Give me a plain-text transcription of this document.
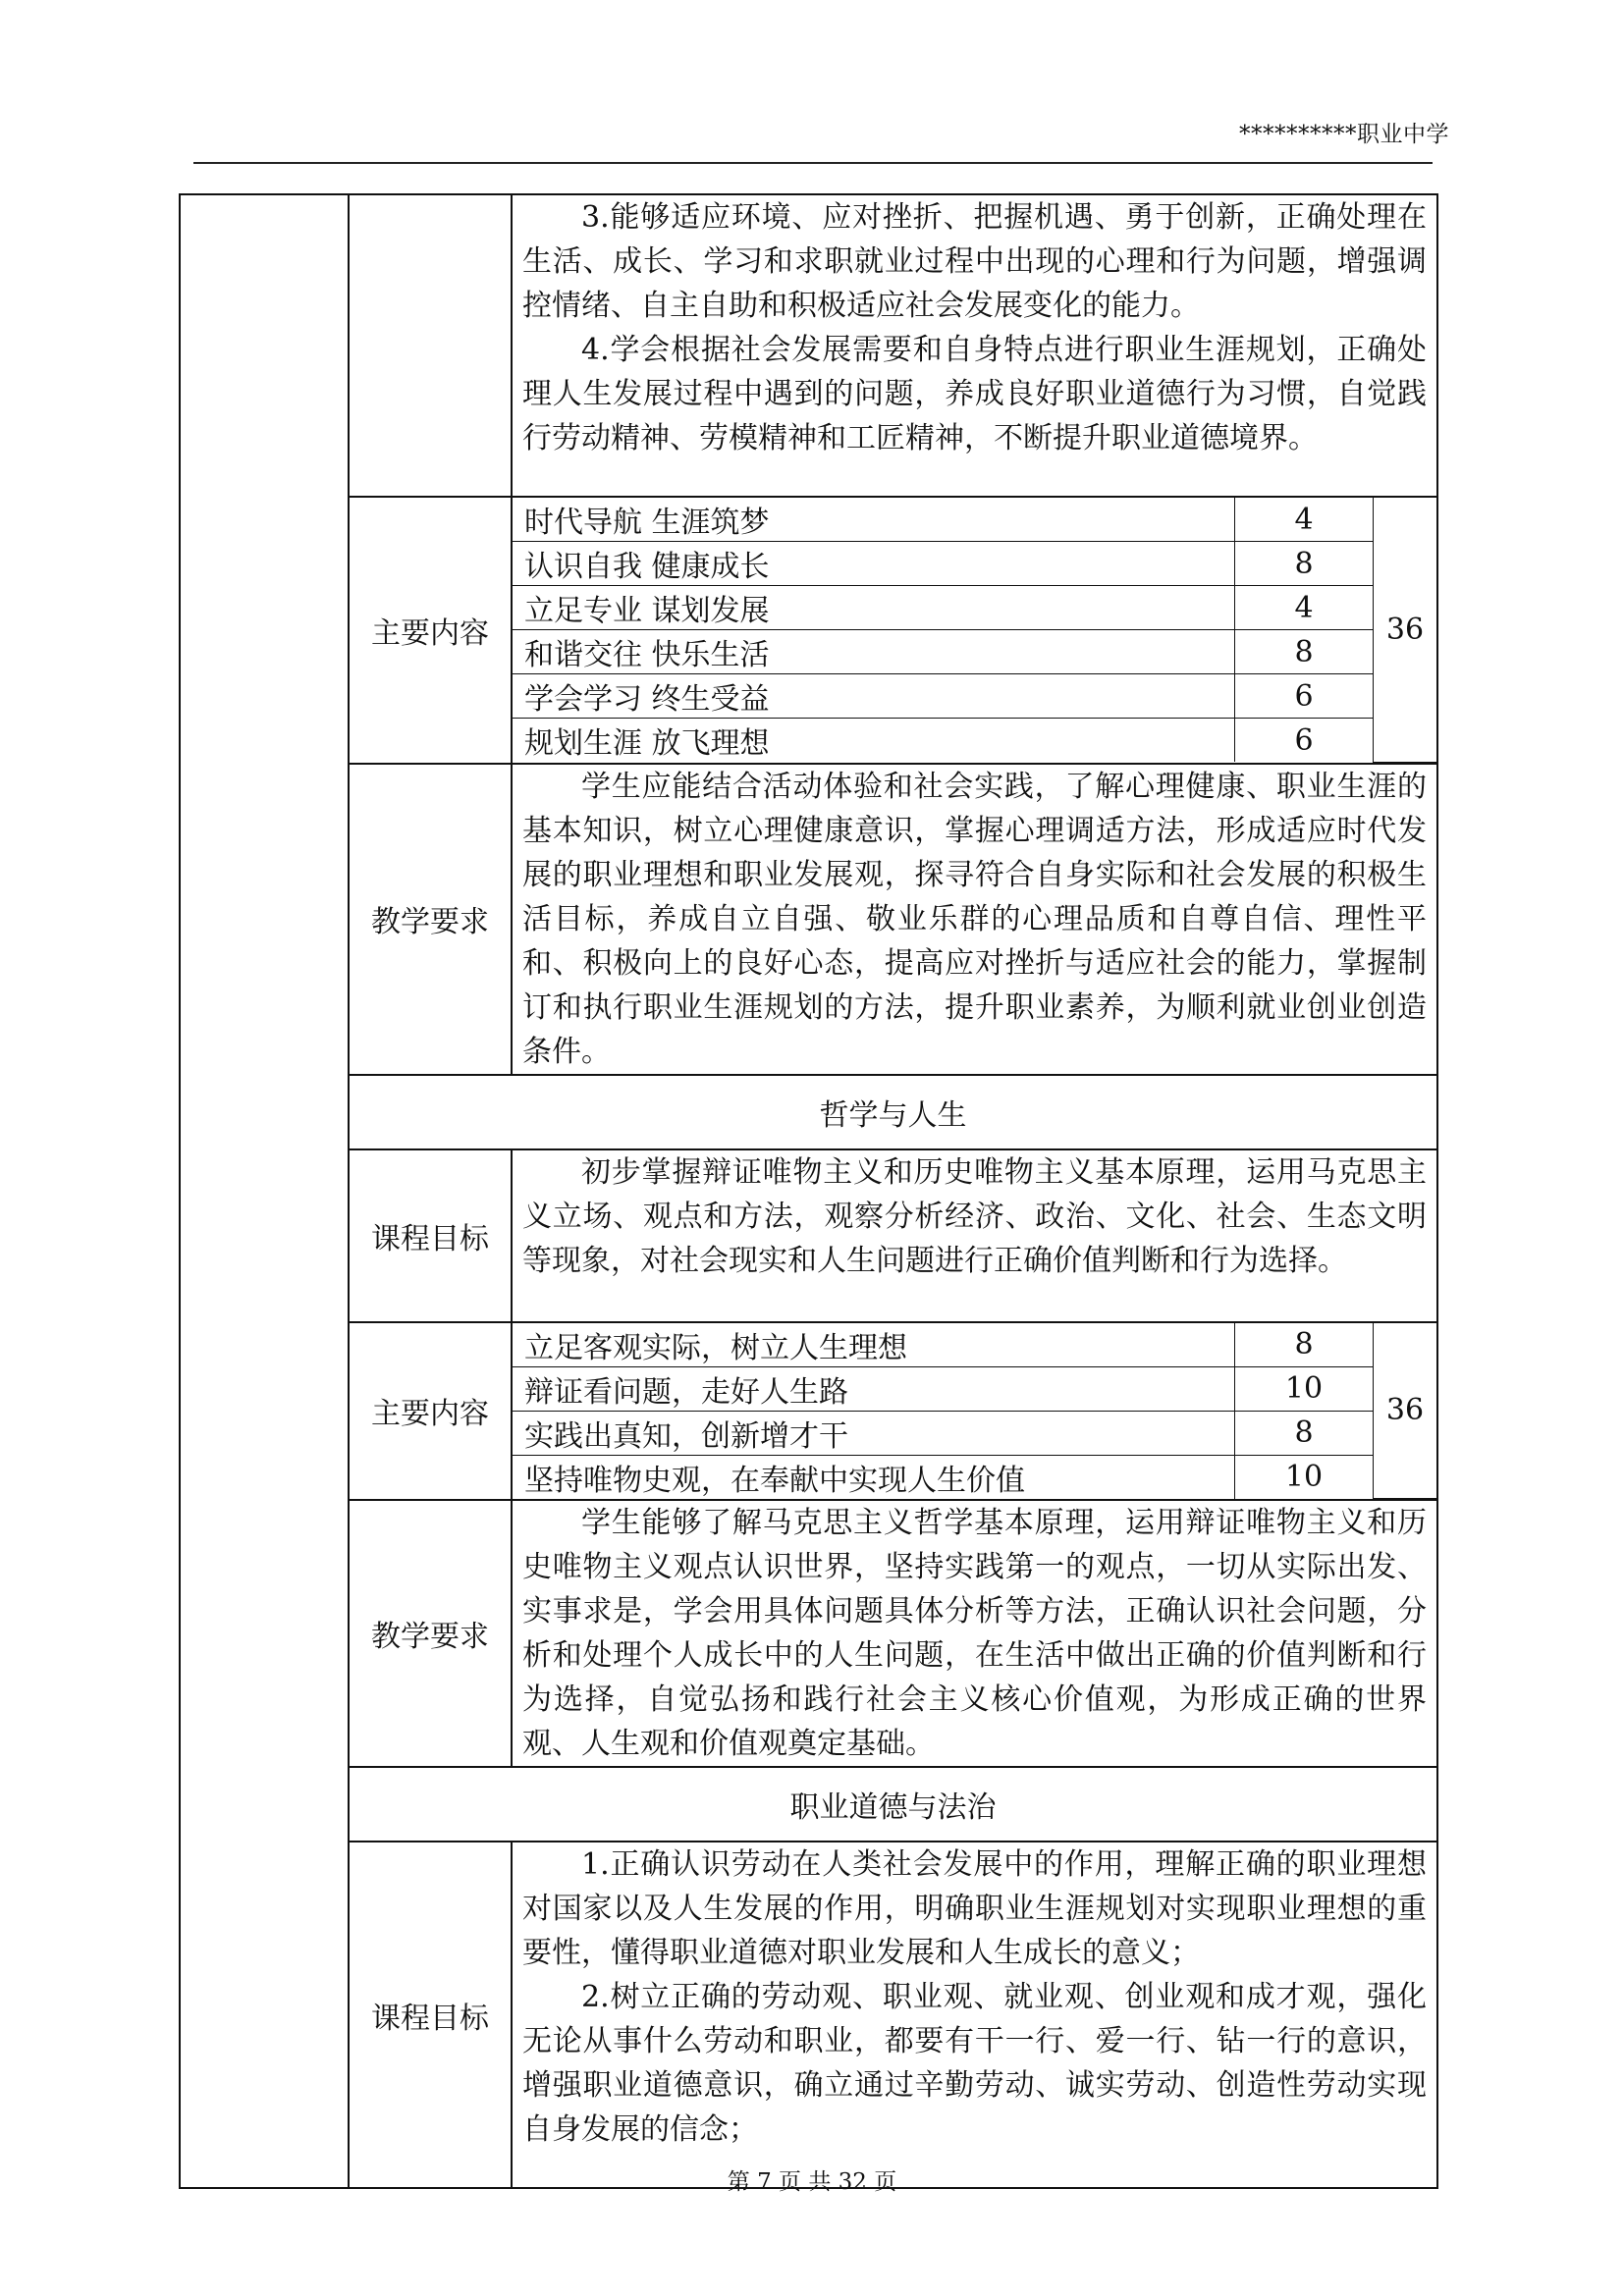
**********职业中学

3.能够适应环境、应对挫折、把握机遇、勇于创新，正确处理在生活、成长、学习和求职就业过程中出现的心理和行为问题，增强调控情绪、自主自助和积极适应社会发展变化的能力。

4.学会根据社会发展需要和自身特点进行职业生涯规划，正确处理人生发展过程中遇到的问题，养成良好职业道德行为习惯，自觉践行劳动精神、劳模精神和工匠精神，不断提升职业道德境界。

主要内容	
时代导航 生涯筑梦	4	36
认识自我 健康成长	8
立足专业 谋划发展	4
和谐交往 快乐生活	8
学会学习 终生受益	6
规划生涯 放飞理想	6

教学要求	

学生应能结合活动体验和社会实践，了解心理健康、职业生涯的基本知识，树立心理健康意识，掌握心理调适方法，形成适应时代发展的职业理想和职业发展观，探寻符合自身实际和社会发展的积极生活目标，养成自立自强、敬业乐群的心理品质和自尊自信、理性平和、积极向上的良好心态，提高应对挫折与适应社会的能力，掌握制订和执行职业生涯规划的方法，提升职业素养，为顺利就业创业创造条件。

哲学与人生
课程目标	

初步掌握辩证唯物主义和历史唯物主义基本原理，运用马克思主义立场、观点和方法，观察分析经济、政治、文化、社会、生态文明等现象，对社会现实和人生问题进行正确价值判断和行为选择。

主要内容	
立足客观实际，树立人生理想	8	36
辩证看问题，走好人生路	10
实践出真知，创新增才干	8
坚持唯物史观，在奉献中实现人生价值	10

教学要求	

学生能够了解马克思主义哲学基本原理，运用辩证唯物主义和历史唯物主义观点认识世界，坚持实践第一的观点，一切从实际出发、实事求是，学会用具体问题具体分析等方法，正确认识社会问题，分析和处理个人成长中的人生问题，在生活中做出正确的价值判断和行为选择，自觉弘扬和践行社会主义核心价值观，为形成正确的世界观、人生观和价值观奠定基础。

职业道德与法治
课程目标	

1.正确认识劳动在人类社会发展中的作用，理解正确的职业理想对国家以及人生发展的作用，明确职业生涯规划对实现职业理想的重要性，懂得职业道德对职业发展和人生成长的意义；

2.树立正确的劳动观、职业观、就业观、创业观和成才观，强化无论从事什么劳动和职业，都要有干一行、爱一行、钻一行的意识，增强职业道德意识，确立通过辛勤劳动、诚实劳动、创造性劳动实现自身发展的信念；

第 7 页 共 32 页
